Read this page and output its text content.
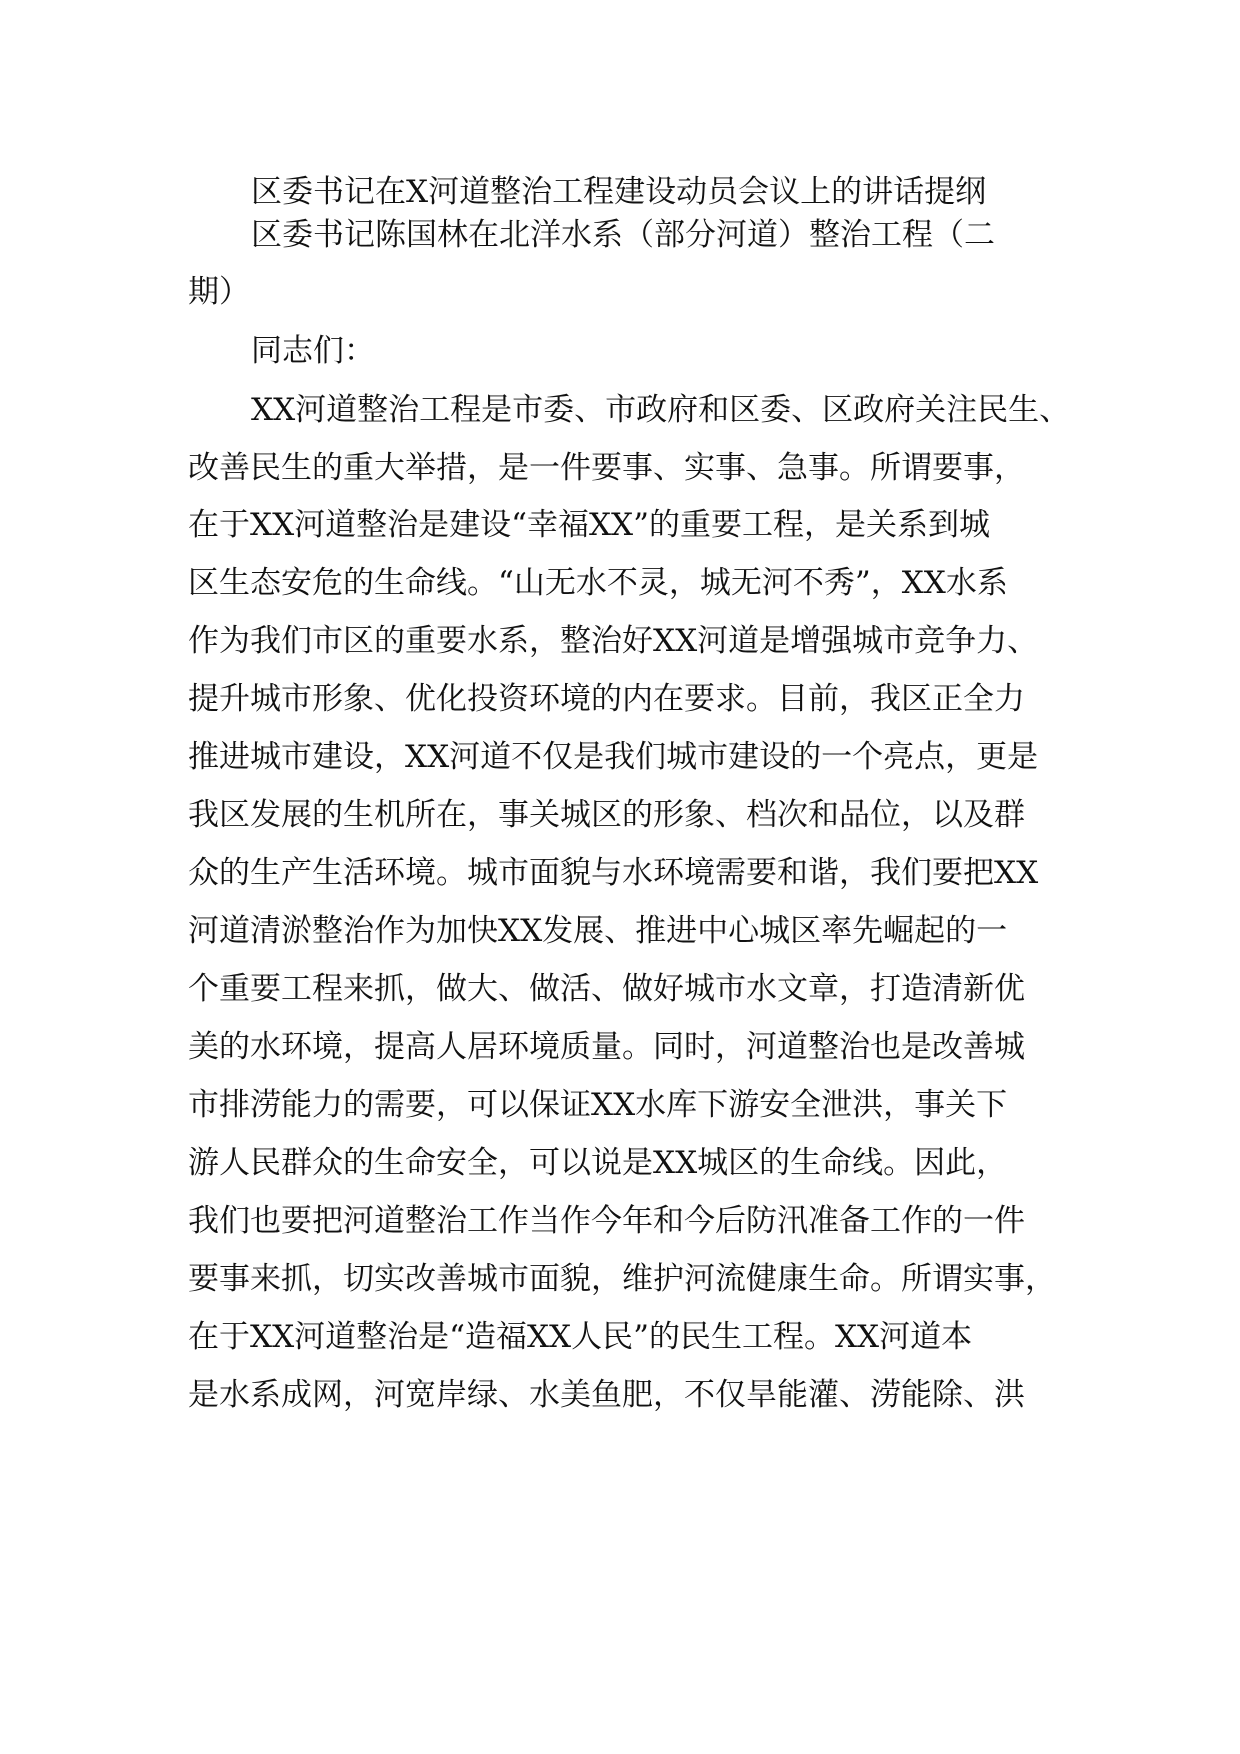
区委书记在X河道整治工程建设动员会议上的讲话提纲
区委书记陈国林在北洋水系（部分河道）整治工程（二
期）
同志们：
XX河道整治工程是市委、市政府和区委、区政府关注民生、
改善民生的重大举措，是一件要事、实事、急事。所谓要事，
在于XX河道整治是建设“幸福XX”的重要工程，是关系到城
区生态安危的生命线。“山无水不灵，城无河不秀”，XX水系
作为我们市区的重要水系，整治好XX河道是增强城市竞争力、
提升城市形象、优化投资环境的内在要求。目前，我区正全力
推进城市建设，XX河道不仅是我们城市建设的一个亮点，更是
我区发展的生机所在，事关城区的形象、档次和品位，以及群
众的生产生活环境。城市面貌与水环境需要和谐，我们要把XX
河道清淤整治作为加快XX发展、推进中心城区率先崛起的一
个重要工程来抓，做大、做活、做好城市水文章，打造清新优
美的水环境，提高人居环境质量。同时，河道整治也是改善城
市排涝能力的需要，可以保证XX水库下游安全泄洪，事关下
游人民群众的生命安全，可以说是XX城区的生命线。因此，
我们也要把河道整治工作当作今年和今后防汛准备工作的一件
要事来抓，切实改善城市面貌，维护河流健康生命。所谓实事，
在于XX河道整治是“造福XX人民”的民生工程。XX河道本
是水系成网，河宽岸绿、水美鱼肥，不仅旱能灌、涝能除、洪
